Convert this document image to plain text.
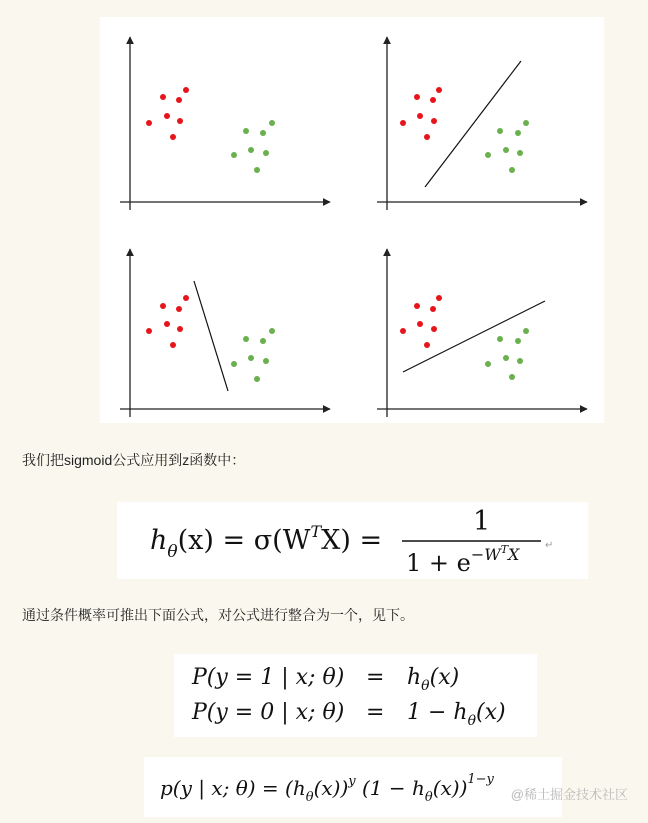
我们把sigmoid公式应用到z函数中：
$h_\theta(x) = \sigma(W^TX)$ =
1
$1 + e^{-WT}_X$	↵
通过条件概率可推出下面公式，对公式进行整合为一个，见下。
P(y = 1 | x; $\theta) = h_\theta(x)$
P(y = 0 | x; $\theta) = 1 - h_\theta(x)$
p(y | x; $\theta) = (h_\theta(x))^y$ $(1 - h_\theta(x))^{1-y}$
@稀土掘金技术社区
